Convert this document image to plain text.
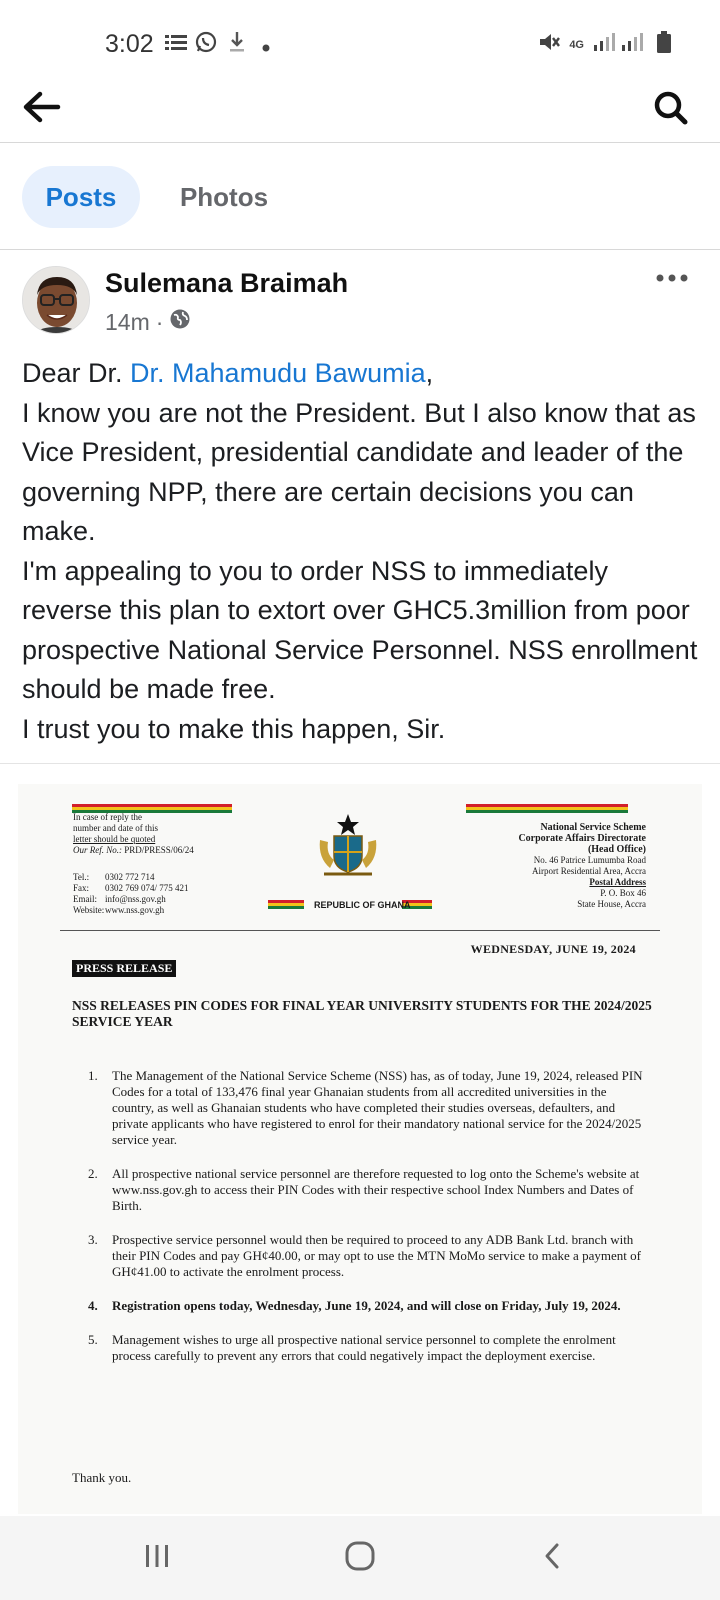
3:02	4G
Posts	Photos
Sulemana Braimah
14m ·

Dear Dr. Dr. Mahamudu Bawumia,

I know you are not the President. But I also know that as Vice President, presidential candidate and leader of the governing NPP, there are certain decisions you can make.

I'm appealing to you to order NSS to immediately reverse this plan to extort over GHC5.3million from poor prospective National Service Personnel. NSS enrollment should be made free.

I trust you to make this happen, Sir.

In case of reply the
number and date of this
letter should be quoted
Our Ref. No.: PRD/PRESS/06/24
Tel.:	0302 772 714
Fax:	0302 769 074/ 775 421
Email: info@nss.gov.gh
Website: www.nss.gov.gh	REPUBLIC OF GHANA
National Service Scheme
Corporate Affairs Directorate
(Head Office)
No. 46 Patrice Lumumba Road
Airport Residential Area, Accra
Postal Address
P. O. Box 46
State House, Accra
WEDNESDAY, JUNE 19, 2024
PRESS RELEASE
NSS RELEASES PIN CODES FOR FINAL YEAR UNIVERSITY STUDENTS FOR THE 2024/2025 SERVICE YEAR
1.	The Management of the National Service Scheme (NSS) has, as of today, June 19, 2024, released PIN Codes for a total of 133,476 final year Ghanaian students from all accredited universities in the country, as well as Ghanaian students who have completed their studies overseas, defaulters, and private applicants who have registered to enrol for their mandatory national service for the 2024/2025 service year.
2.	All prospective national service personnel are therefore requested to log onto the Scheme's website at www.nss.gov.gh to access their PIN Codes with their respective school Index Numbers and Dates of Birth.
3.	Prospective service personnel would then be required to proceed to any ADB Bank Ltd. branch with their PIN Codes and pay GH¢40.00, or may opt to use the MTN MoMo service to make a payment of GH¢41.00 to activate the enrolment process.
4.	Registration opens today, Wednesday, June 19, 2024, and will close on Friday, July 19, 2024.
5.	Management wishes to urge all prospective national service personnel to complete the enrolment process carefully to prevent any errors that could negatively impact the deployment exercise.
Thank you.
